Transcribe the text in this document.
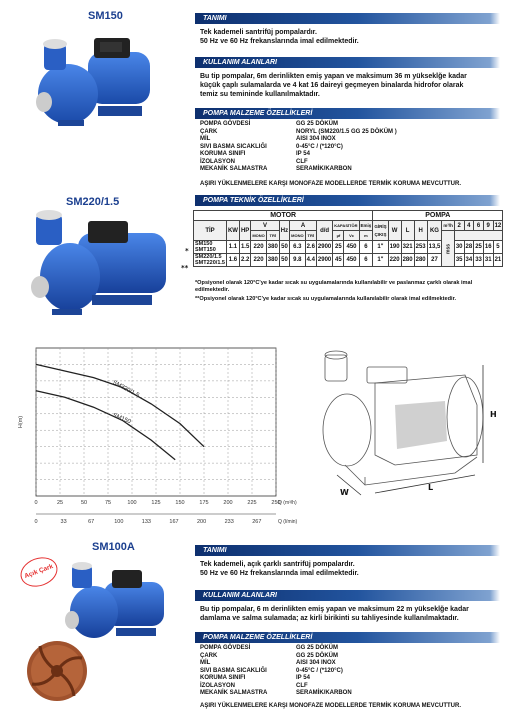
SM150	TANIMI
Tek kademeli santrifüj pompalardır.
50 Hz ve 60 Hz frekanslarında imal edilmektedir.
KULLANIM ALANLARI
Bu tip pompalar, 6m derinlikten emiş yapan ve maksimum 36 m yükseklğe kadar
küçük çaplı sulamalarda ve 4 kat 16 daireyi geçmeyen binalarda hidrofor olarak
temiz su temininde kullanılmaktadır.
POMPA MALZEME ÖZELLİKLERİ
POMPA GÖVDESİ	GG 25 DÖKÜM
ÇARK	NORYL (SM220/1.5 GG 25 DÖKÜM )
MİL	AISI 304 INOX
SIVI BASMA SICAKLIĞI	0-45°C / (*120°C)
KORUMA SINIFI	IP 54
İZOLASYON	CLF
MEKANİK SALMASTRA	SERAMİK/KARBON
AŞIRI YÜKLENMELERE KARŞI MONOFAZE MODELLERDE TERMİK KORUMA MEVCUTTUR.
SM220/1.5	POMPA TEKNİK ÖZELLİKLERİ
MOTOR												POMPA										
TİP	KW	HP	V		Hz	A		d/d	KAPASİTÖR		Emiş	GİRİŞ ÇIKIŞ	W	L	H	KG	m³/h	2	4	6	9	12
			MONO	TRİ		MONO	TRİ		µf	Vc	m						mss					

SM150
SMT150	1.1	1.5	220	380	50	6.3	2.6	2900	25	450	6	1"	190	321	253	13,5		30	28	25	16	5

SM220/1.5
SMT220/1.5	1.6	2.2	220	380	50	9.8	4.4	2900	45	450	6	1"	220	280	280	27		35	34	33	31	21
*
**
*Opsiyonel olarak 120°C'ye kadar sıcak su uygulamalarında kullanılabilir ve paslanmaz çarklı olarak imal edilmektedir.
**Opsiyonel olarak 120°C'ye kadar sıcak su uygulamalarında kullanılabilir olarak imal edilmektedir.
0	25	50	75	100	125	150	175	200	225	250
Q (m³/h)
0	33	67	100	133	167	200	233	267	Q (l/min)
H(m)
SM220/1.5
SM150	H
W
L
SM100A
Açık Çark
TANIMI
Tek kademeli, açık çarklı santrifüj pompalardır.
50 Hz ve 60 Hz frekanslarında imal edilmektedir.
KULLANIM ALANLARI
Bu tip pompalar, 6 m derinlikten emiş yapan ve maksimum 22 m yükseklğe kadar
damlama ve salma sulamada; az kirli birikinti su tahliyesinde kullanılmaktadır.
POMPA MALZEME ÖZELLİKLERİ
POMPA GÖVDESİ	GG 25 DÖKÜM
ÇARK	GG 25 DÖKÜM
MİL	AISI 304 INOX
SIVI BASMA SICAKLIĞI	0-45°C / (*120°C)
KORUMA SINIFI	IP 54
İZOLASYON	CLF
MEKANİK SALMASTRA	SERAMİK/KARBON
AŞIRI YÜKLENMELERE KARŞI MONOFAZE MODELLERDE TERMİK KORUMA MEVCUTTUR.
